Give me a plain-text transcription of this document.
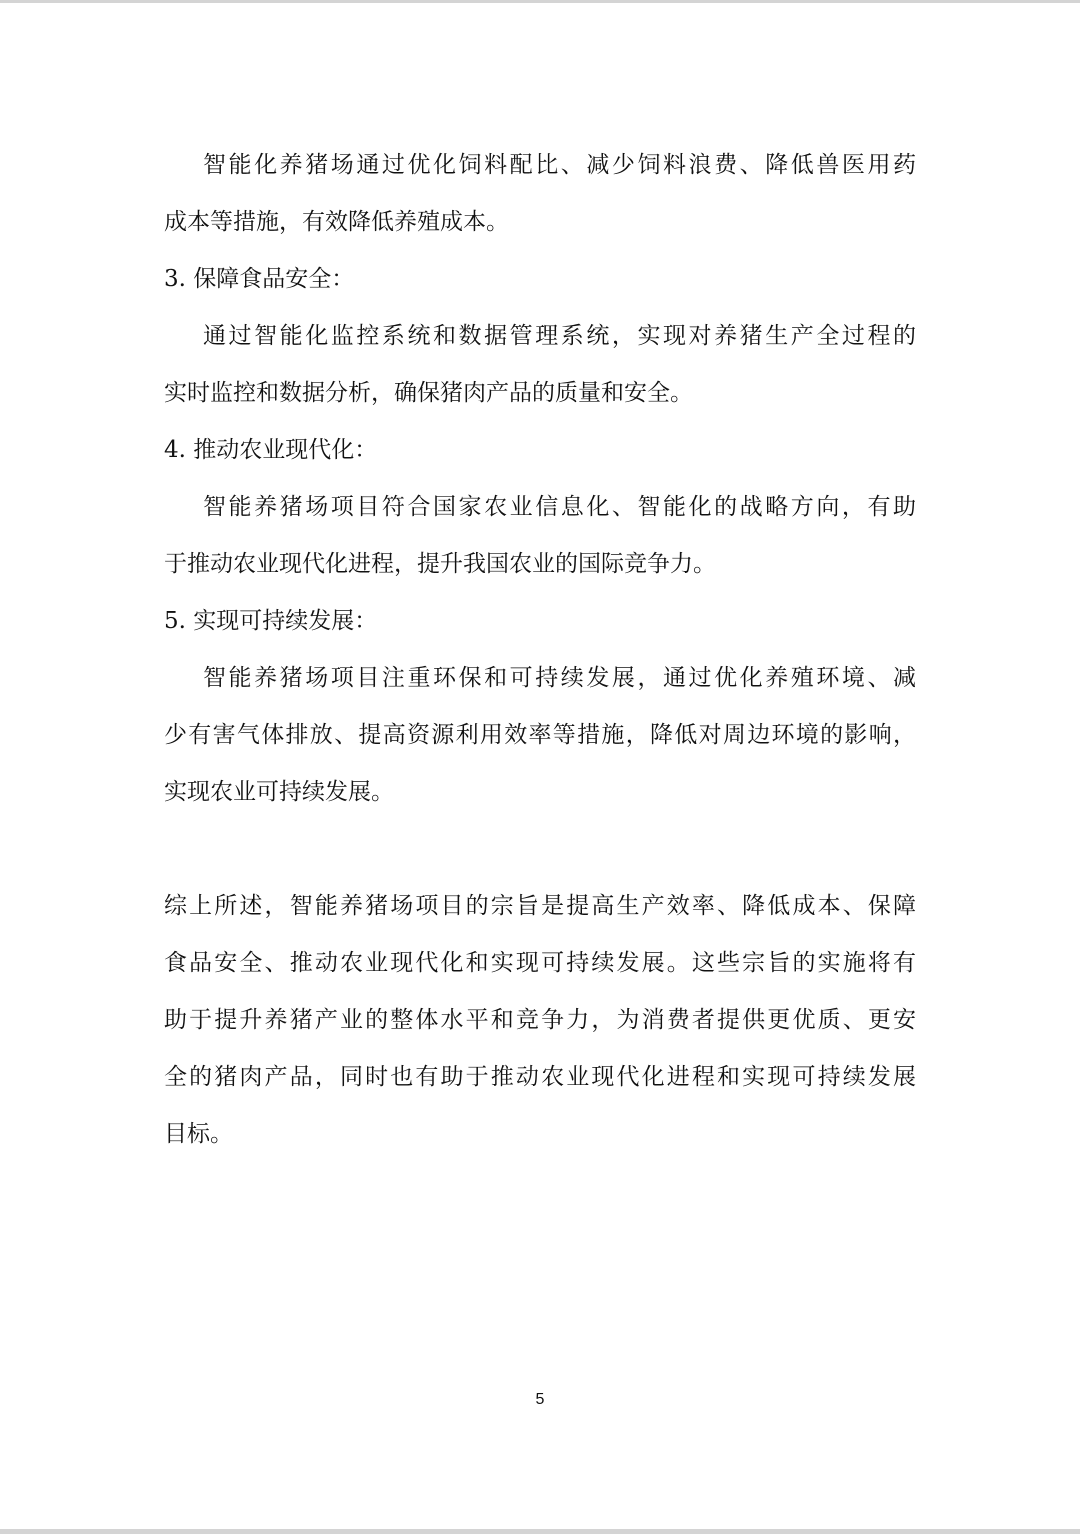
智能化养猪场通过优化饲料配比、减少饲料浪费、降低兽医用药
成本等措施，有效降低养殖成本。
3. 保障食品安全：
通过智能化监控系统和数据管理系统，实现对养猪生产全过程的
实时监控和数据分析，确保猪肉产品的质量和安全。
4. 推动农业现代化：
智能养猪场项目符合国家农业信息化、智能化的战略方向，有助
于推动农业现代化进程，提升我国农业的国际竞争力。
5. 实现可持续发展：
智能养猪场项目注重环保和可持续发展，通过优化养殖环境、减
少有害气体排放、提高资源利用效率等措施，降低对周边环境的影响，
实现农业可持续发展。
综上所述，智能养猪场项目的宗旨是提高生产效率、降低成本、保障
食品安全、推动农业现代化和实现可持续发展。这些宗旨的实施将有
助于提升养猪产业的整体水平和竞争力，为消费者提供更优质、更安
全的猪肉产品，同时也有助于推动农业现代化进程和实现可持续发展
目标。
5
